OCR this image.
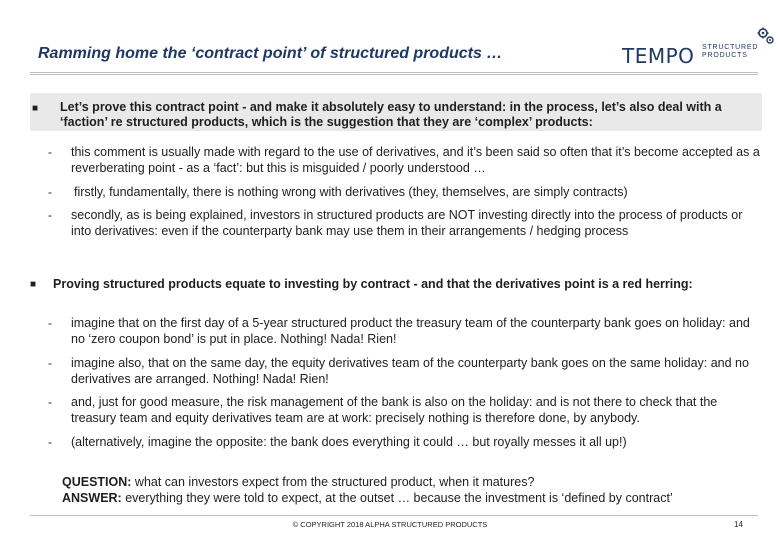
Ramming home the ‘contract point’ of structured products …	TEMPO STRUCTURED
PRODUCTS
■ Let’s prove this contract point - and make it absolutely easy to understand: in the process, let’s also deal with a ‘faction’ re structured products, which is the suggestion that they are ‘complex’ products:
- this comment is usually made with regard to the use of derivatives, and it’s been said so often that it’s become accepted as a reverberating point - as a ‘fact’: but this is misguided / poorly understood …
- firstly, fundamentally, there is nothing wrong with derivatives (they, themselves, are simply contracts)
- secondly, as is being explained, investors in structured products are NOT investing directly into the process of products or into derivatives: even if the counterparty bank may use them in their arrangements / hedging process
■ Proving structured products equate to investing by contract - and that the derivatives point is a red herring:
- imagine that on the first day of a 5-year structured product the treasury team of the counterparty bank goes on holiday: and no ‘zero coupon bond’ is put in place. Nothing! Nada! Rien!
- imagine also, that on the same day, the equity derivatives team of the counterparty bank goes on the same holiday: and no derivatives are arranged. Nothing! Nada! Rien!
- and, just for good measure, the risk management of the bank is also on the holiday: and is not there to check that the treasury team and equity derivatives team are at work: precisely nothing is therefore done, by anybody.
- (alternatively, imagine the opposite: the bank does everything it could … but royally messes it all up!)
QUESTION: what can investors expect from the structured product, when it matures?
ANSWER: everything they were told to expect, at the outset … because the investment is ‘defined by contract’
© COPYRIGHT 2018 ALPHA STRUCTURED PRODUCTS	14
